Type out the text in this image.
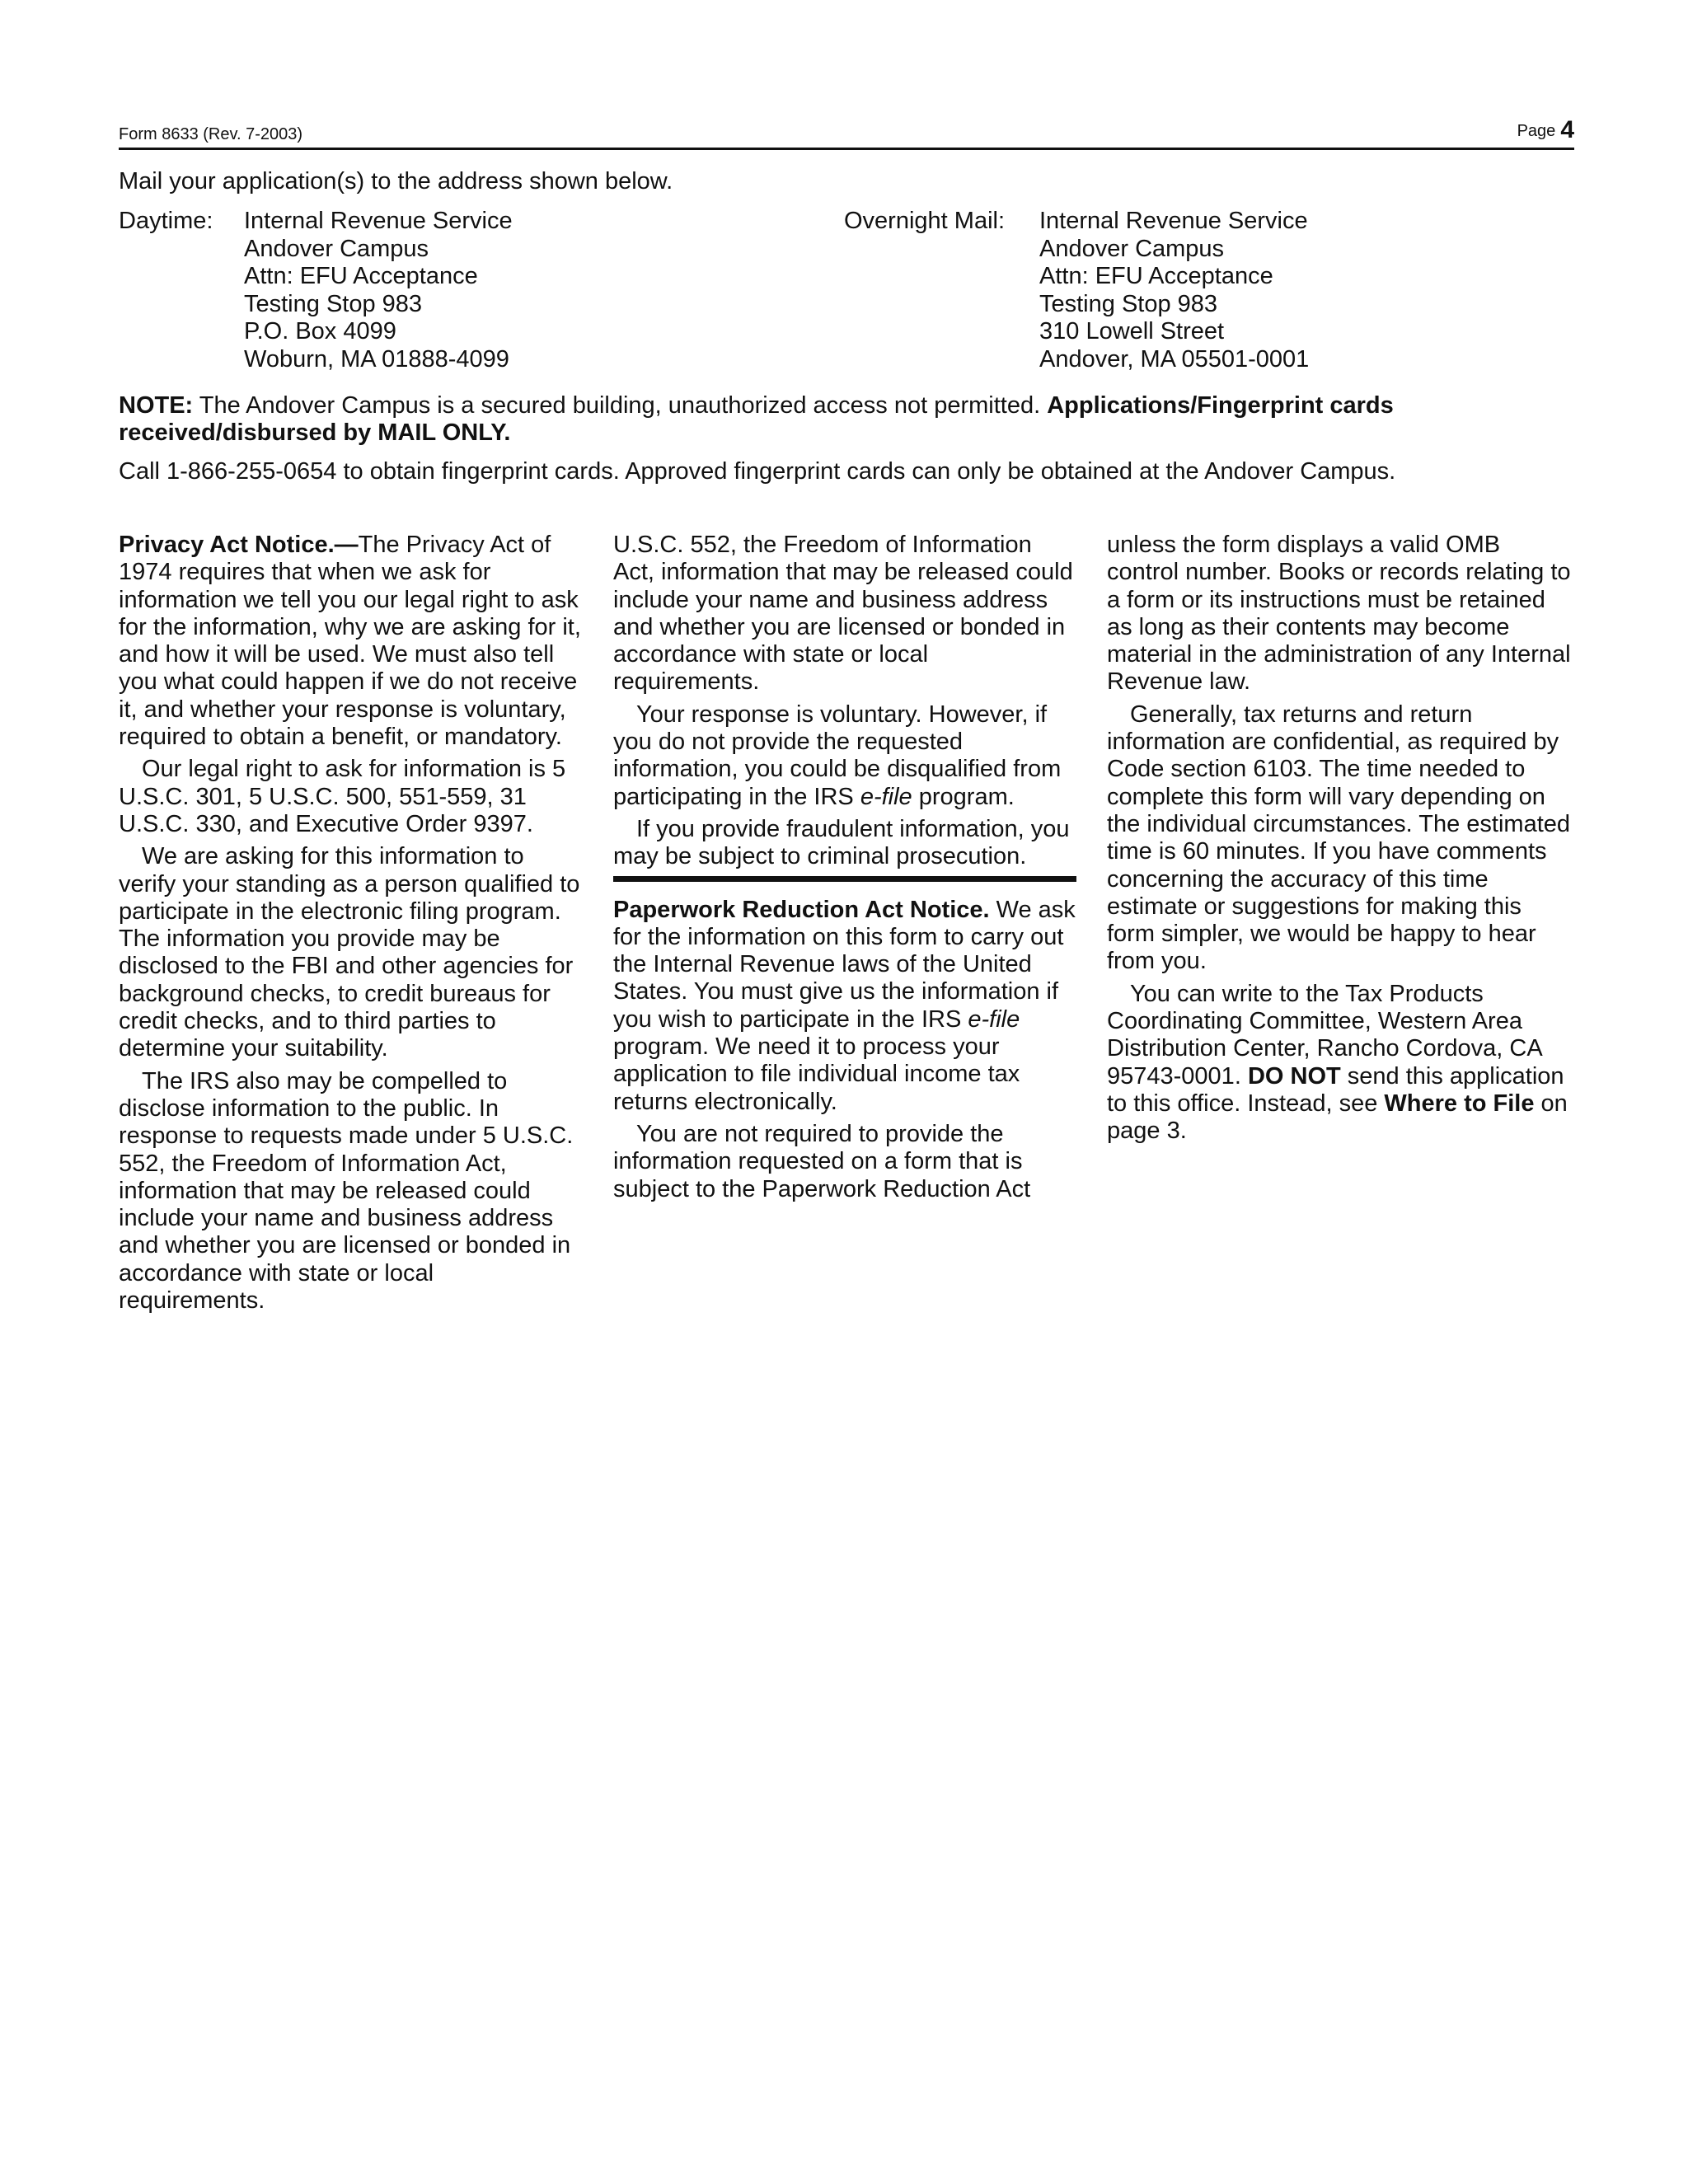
Form 8633 (Rev. 7-2003)	Page 4
Mail your application(s) to the address shown below.
Daytime: Internal Revenue Service
Andover Campus
Attn: EFU Acceptance
Testing Stop 983
P.O. Box 4099
Woburn, MA 01888-4099
Overnight Mail: Internal Revenue Service
Andover Campus
Attn: EFU Acceptance
Testing Stop 983
310 Lowell Street
Andover, MA 05501-0001
NOTE: The Andover Campus is a secured building, unauthorized access not permitted. Applications/Fingerprint cards received/disbursed by MAIL ONLY.
Call 1-866-255-0654 to obtain fingerprint cards. Approved fingerprint cards can only be obtained at the Andover Campus.

Privacy Act Notice.—The Privacy Act of 1974 requires that when we ask for information we tell you our legal right to ask for the information, why we are asking for it, and how it will be used. We must also tell you what could happen if we do not receive it, and whether your response is voluntary, required to obtain a benefit, or mandatory.

Our legal right to ask for information is 5 U.S.C. 301, 5 U.S.C. 500, 551-559, 31 U.S.C. 330, and Executive Order 9397.

We are asking for this information to verify your standing as a person qualified to participate in the electronic filing program. The information you provide may be disclosed to the FBI and other agencies for background checks, to credit bureaus for credit checks, and to third parties to determine your suitability.

The IRS also may be compelled to disclose information to the public. In response to requests made under 5 U.S.C. 552, the Freedom of Information Act, information that may be released could include your name and business address and whether you are licensed or bonded in accordance with state or local requirements.

U.S.C. 552, the Freedom of Information Act, information that may be released could include your name and business address and whether you are licensed or bonded in accordance with state or local requirements.

Your response is voluntary. However, if you do not provide the requested information, you could be disqualified from participating in the IRS e-file program.

If you provide fraudulent information, you may be subject to criminal prosecution.

Paperwork Reduction Act Notice. We ask for the information on this form to carry out the Internal Revenue laws of the United States. You must give us the information if you wish to participate in the IRS e-file program. We need it to process your application to file individual income tax returns electronically.

You are not required to provide the information requested on a form that is subject to the Paperwork Reduction Act

unless the form displays a valid OMB control number. Books or records relating to a form or its instructions must be retained as long as their contents may become material in the administration of any Internal Revenue law.

Generally, tax returns and return information are confidential, as required by Code section 6103. The time needed to complete this form will vary depending on the individual circumstances. The estimated time is 60 minutes. If you have comments concerning the accuracy of this time estimate or suggestions for making this form simpler, we would be happy to hear from you.

You can write to the Tax Products Coordinating Committee, Western Area Distribution Center, Rancho Cordova, CA 95743-0001. DO NOT send this application to this office. Instead, see Where to File on page 3.
